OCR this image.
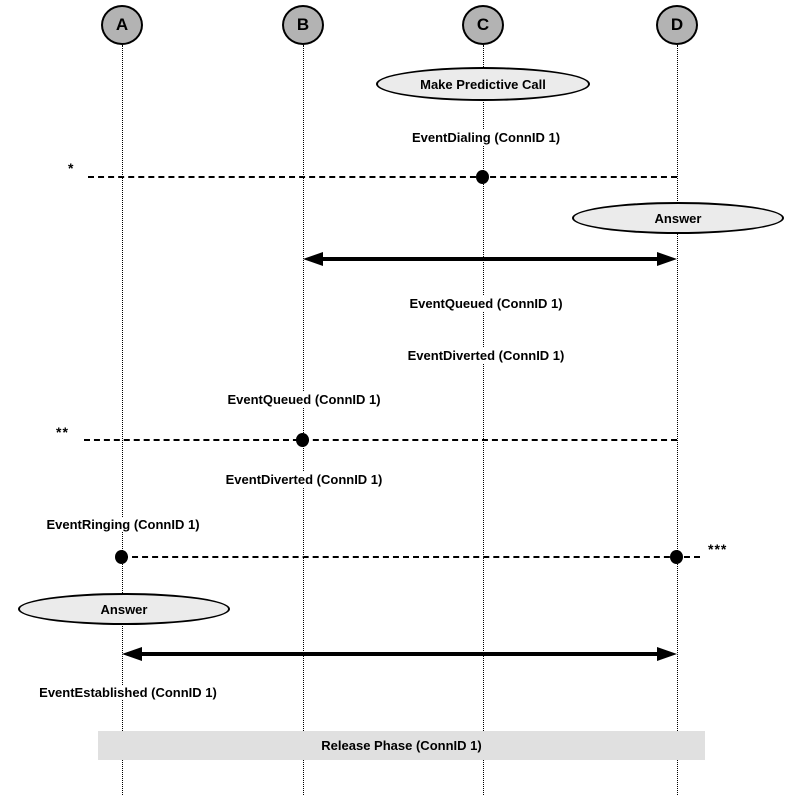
A	B	C	D
Make Predictive Call
Answer
Answer
EventDialing (ConnID 1)
EventQueued (ConnID 1)
EventDiverted (ConnID 1)
EventQueued (ConnID 1)
EventDiverted (ConnID 1)
EventRinging (ConnID 1)
EventEstablished (ConnID 1)
*
**
***
Release Phase (ConnID 1)
